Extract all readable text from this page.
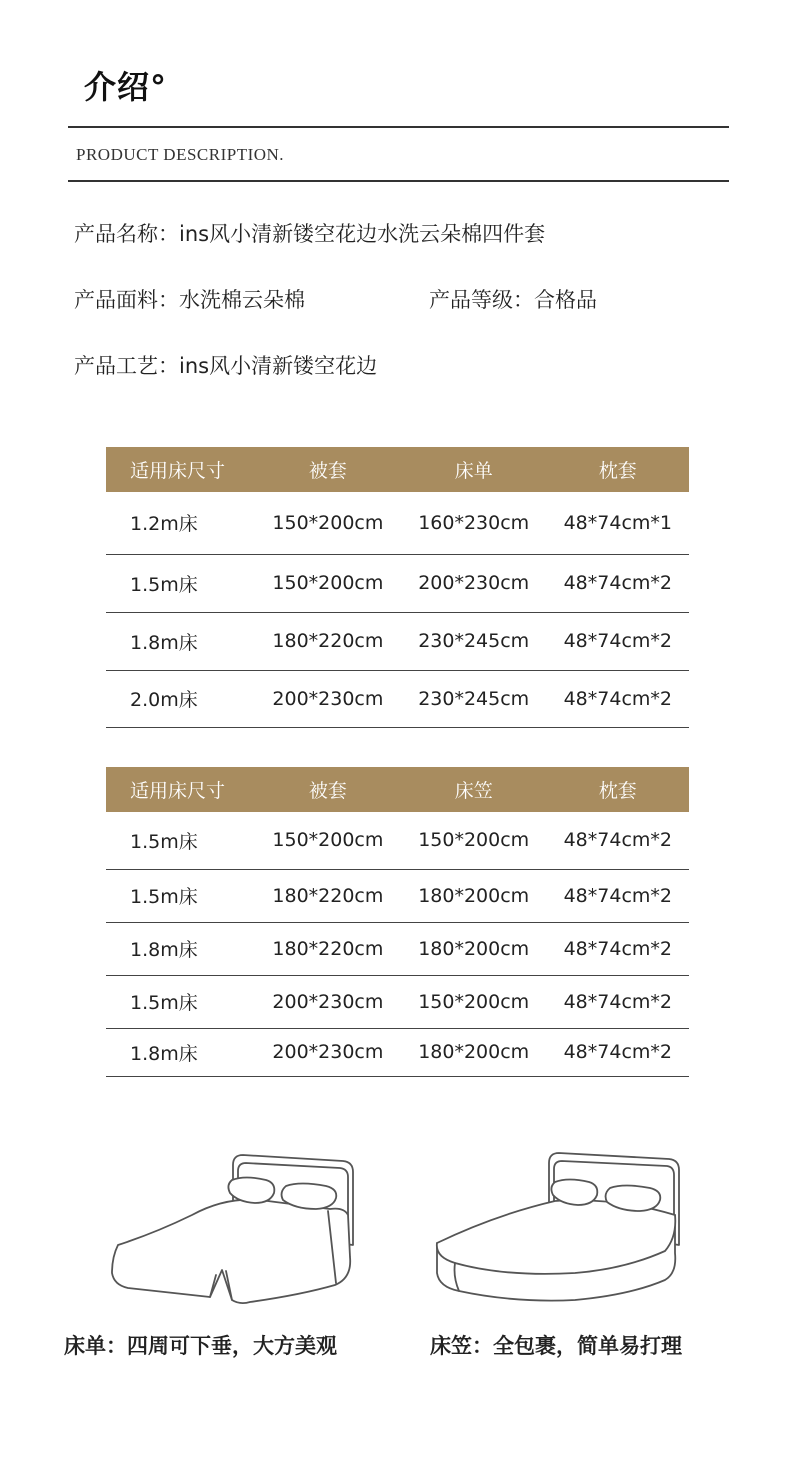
介绍°
PRODUCT DESCRIPTION.
产品名称：ins风小清新镂空花边水洗云朵棉四件套
产品面料：水洗棉云朵棉	产品等级：合格品
产品工艺：ins风小清新镂空花边
适用床尺寸	被套	床单	枕套
1.2m床	150*200cm	160*230cm	48*74cm*1
1.5m床	150*200cm	200*230cm	48*74cm*2
1.8m床	180*220cm	230*245cm	48*74cm*2
2.0m床	200*230cm	230*245cm	48*74cm*2
适用床尺寸	被套	床笠	枕套
1.5m床	150*200cm	150*200cm	48*74cm*2
1.5m床	180*220cm	180*200cm	48*74cm*2
1.8m床	180*220cm	180*200cm	48*74cm*2
1.5m床	200*230cm	150*200cm	48*74cm*2
1.8m床	200*230cm	180*200cm	48*74cm*2
床单：四周可下垂，大方美观	床笠：全包裹，简单易打理
